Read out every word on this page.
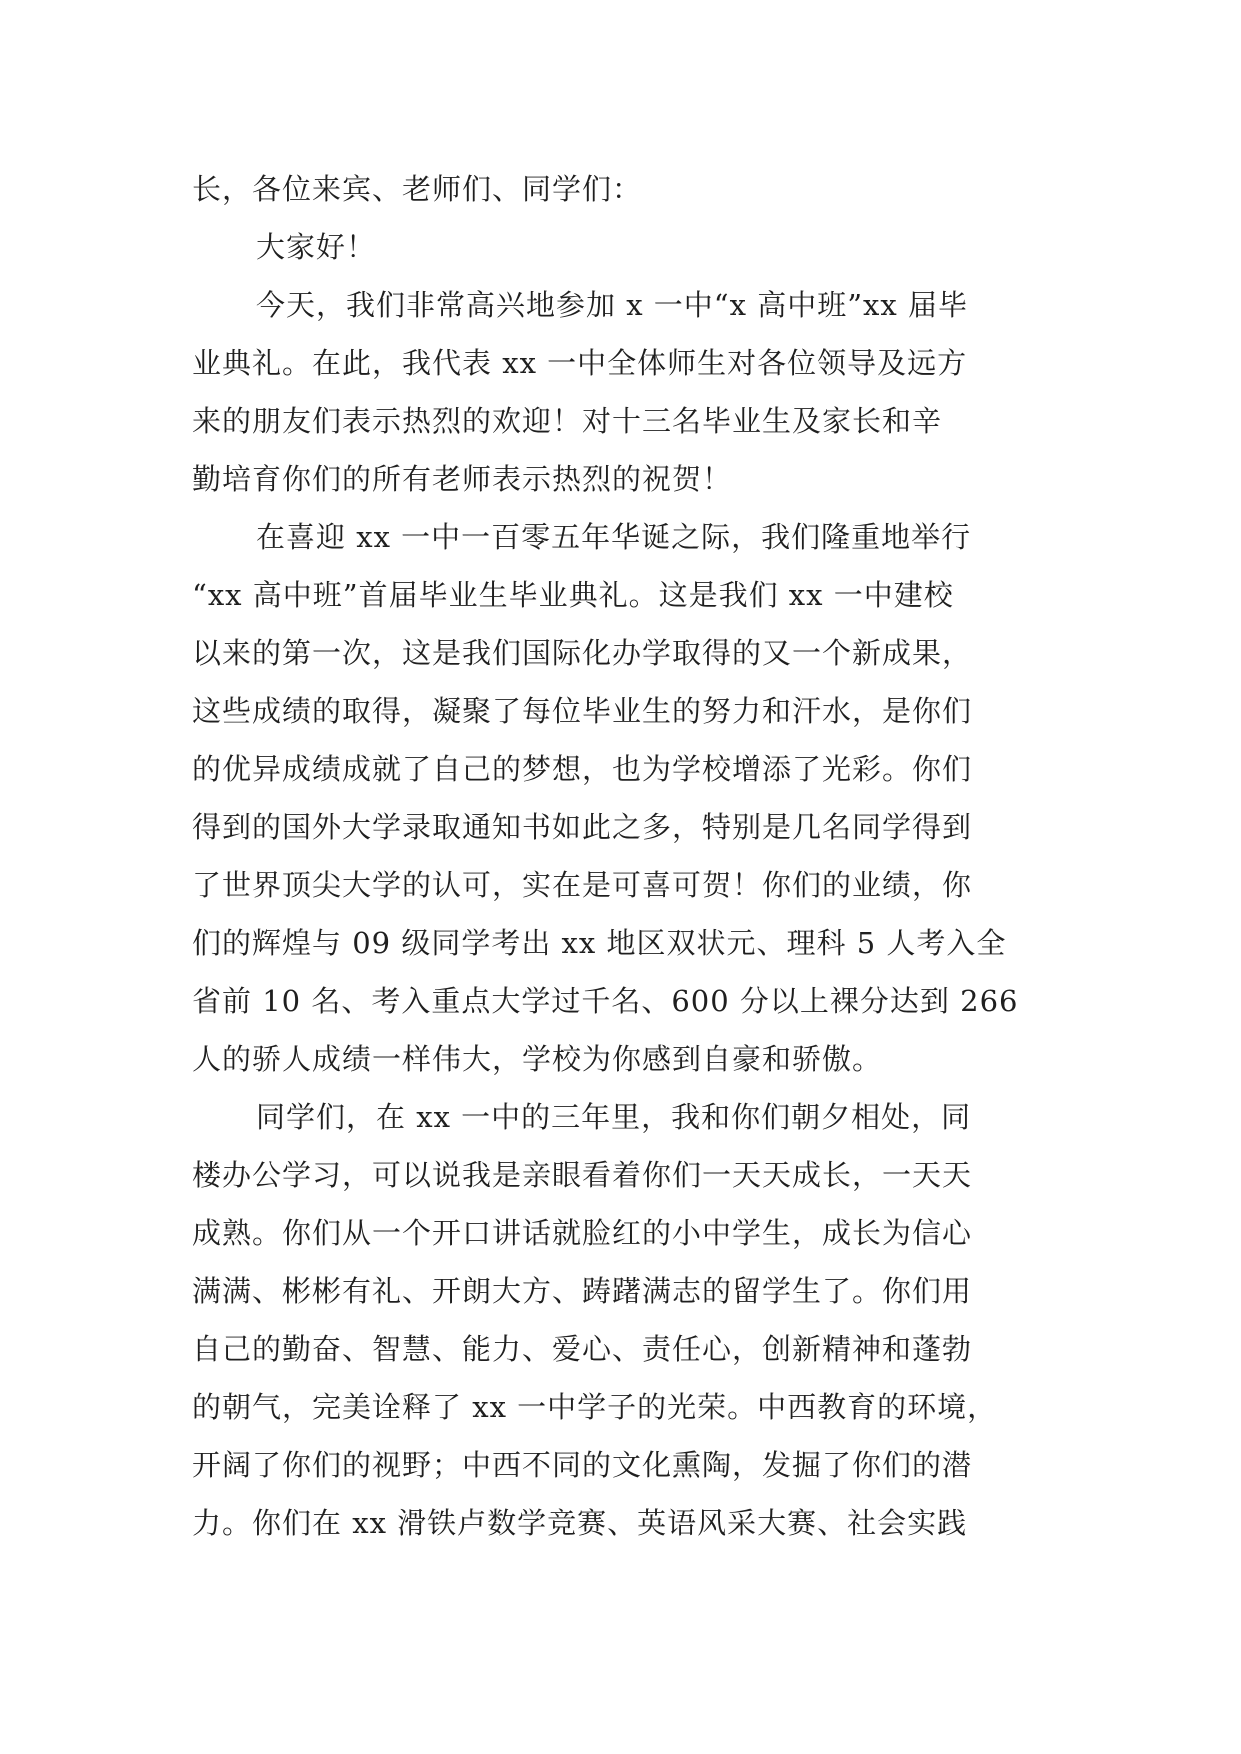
长，各位来宾、老师们、同学们：
大家好！
今天，我们非常高兴地参加 x 一中“x 高中班”xx 届毕
业典礼。在此，我代表 xx 一中全体师生对各位领导及远方
来的朋友们表示热烈的欢迎！对十三名毕业生及家长和辛
勤培育你们的所有老师表示热烈的祝贺！
在喜迎 xx 一中一百零五年华诞之际，我们隆重地举行
“xx 高中班”首届毕业生毕业典礼。这是我们 xx 一中建校
以来的第一次，这是我们国际化办学取得的又一个新成果，
这些成绩的取得，凝聚了每位毕业生的努力和汗水，是你们
的优异成绩成就了自己的梦想，也为学校增添了光彩。你们
得到的国外大学录取通知书如此之多，特别是几名同学得到
了世界顶尖大学的认可，实在是可喜可贺！你们的业绩，你
们的辉煌与 09 级同学考出 xx 地区双状元、理科 5 人考入全
省前 10 名、考入重点大学过千名、600 分以上裸分达到 266
人的骄人成绩一样伟大，学校为你感到自豪和骄傲。
同学们，在 xx 一中的三年里，我和你们朝夕相处，同
楼办公学习，可以说我是亲眼看着你们一天天成长，一天天
成熟。你们从一个开口讲话就脸红的小中学生，成长为信心
满满、彬彬有礼、开朗大方、踌躇满志的留学生了。你们用
自己的勤奋、智慧、能力、爱心、责任心，创新精神和蓬勃
的朝气，完美诠释了 xx 一中学子的光荣。中西教育的环境，
开阔了你们的视野；中西不同的文化熏陶，发掘了你们的潜
力。你们在 xx 滑铁卢数学竞赛、英语风采大赛、社会实践
